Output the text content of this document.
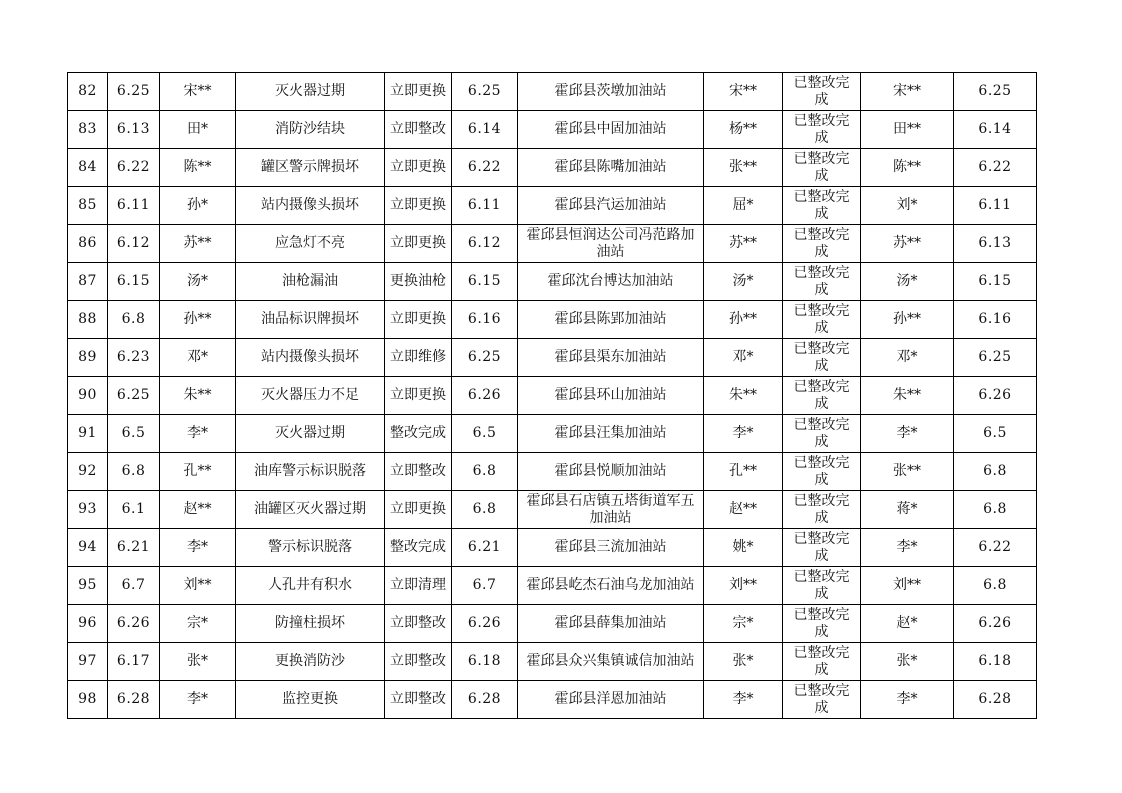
82	6.25	宋**	灭火器过期	立即更换	6.25	霍邱县茨墩加油站	宋**	已整改完成	宋**	6.25
83	6.13	田*	消防沙结块	立即整改	6.14	霍邱县中固加油站	杨**	已整改完成	田**	6.14
84	6.22	陈**	罐区警示牌损坏	立即更换	6.22	霍邱县陈嘴加油站	张**	已整改完成	陈**	6.22
85	6.11	孙*	站内摄像头损坏	立即更换	6.11	霍邱县汽运加油站	屈*	已整改完成	刘*	6.11
86	6.12	苏**	应急灯不亮	立即更换	6.12	霍邱县恒润达公司冯范路加油站	苏**	已整改完成	苏**	6.13
87	6.15	汤*	油枪漏油	更换油枪	6.15	霍邱沈台博达加油站	汤*	已整改完成	汤*	6.15
88	6.8	孙**	油品标识牌损坏	立即更换	6.16	霍邱县陈郢加油站	孙**	已整改完成	孙**	6.16
89	6.23	邓*	站内摄像头损坏	立即维修	6.25	霍邱县渠东加油站	邓*	已整改完成	邓*	6.25
90	6.25	朱**	灭火器压力不足	立即更换	6.26	霍邱县环山加油站	朱**	已整改完成	朱**	6.26
91	6.5	李*	灭火器过期	整改完成	6.5	霍邱县汪集加油站	李*	已整改完成	李*	6.5
92	6.8	孔**	油库警示标识脱落	立即整改	6.8	霍邱县悦顺加油站	孔**	已整改完成	张**	6.8
93	6.1	赵**	油罐区灭火器过期	立即更换	6.8	霍邱县石店镇五塔街道军五加油站	赵**	已整改完成	蒋*	6.8
94	6.21	李*	警示标识脱落	整改完成	6.21	霍邱县三流加油站	姚*	已整改完成	李*	6.22
95	6.7	刘**	人孔井有积水	立即清理	6.7	霍邱县屹杰石油乌龙加油站	刘**	已整改完成	刘**	6.8
96	6.26	宗*	防撞柱损坏	立即整改	6.26	霍邱县薛集加油站	宗*	已整改完成	赵*	6.26
97	6.17	张*	更换消防沙	立即整改	6.18	霍邱县众兴集镇诚信加油站	张*	已整改完成	张*	6.18
98	6.28	李*	监控更换	立即整改	6.28	霍邱县洋恩加油站	李*	已整改完成	李*	6.28
